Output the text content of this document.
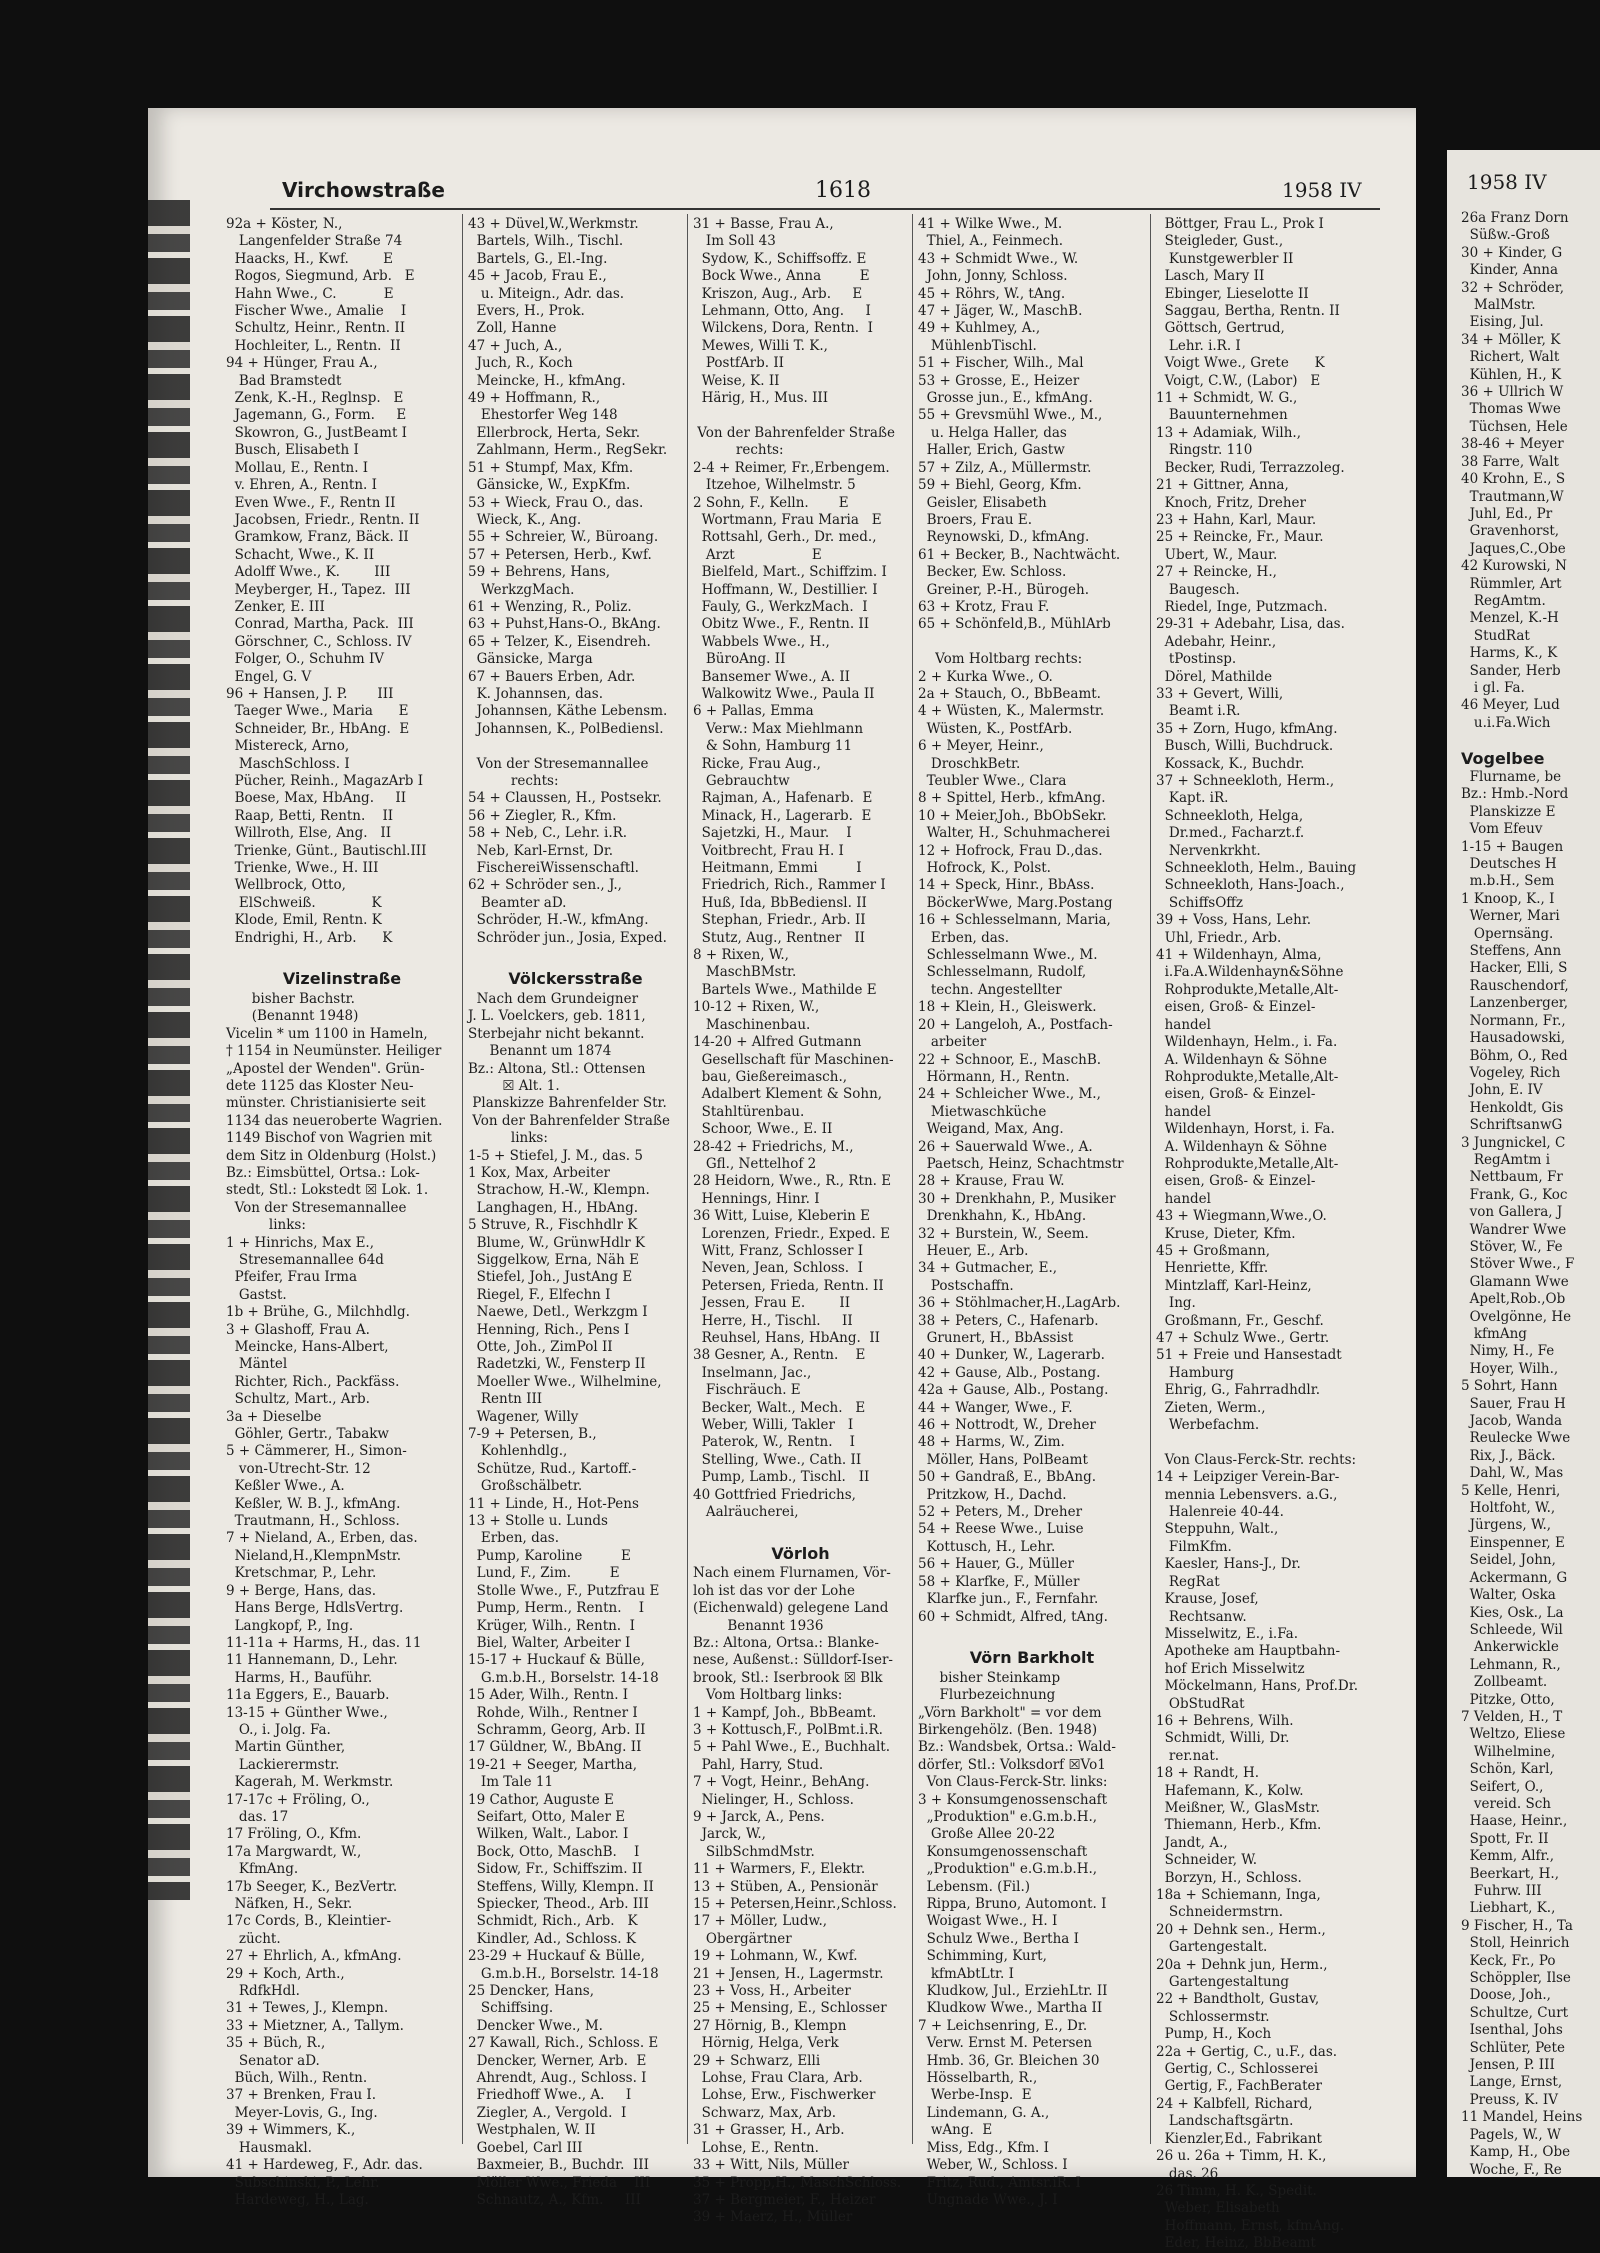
Virchowstraße	1618	1958 IV
92a + Köster, N.,
Langenfelder Straße 74
Haacks, H., Kwf.        E
Rogos, Siegmund, Arb.   E
Hahn Wwe., C.           E
Fischer Wwe., Amalie    I
Schultz, Heinr., Rentn. II
Hochleiter, L., Rentn.  II
94 + Hünger, Frau A.,
Bad Bramstedt
Zenk, K.-H., Reglnsp.   E
Jagemann, G., Form.     E
Skowron, G., JustBeamt I
Busch, Elisabeth I
Mollau, E., Rentn. I
v. Ehren, A., Rentn. I
Even Wwe., F., Rentn II
Jacobsen, Friedr., Rentn. II
Gramkow, Franz, Bäck. II
Schacht, Wwe., K. II
Adolff Wwe., K.        III
Meyberger, H., Tapez.  III
Zenker, E. III
Conrad, Martha, Pack.  III
Görschner, C., Schloss. IV
Folger, O., Schuhm IV
Engel, G. V
96 + Hansen, J. P.       III
Taeger Wwe., Maria      E
Schneider, Br., HbAng.  E
Mistereck, Arno,
MaschSchloss. I
Pücher, Reinh., MagazArb I
Boese, Max, HbAng.     II
Raap, Betti, Rentn.    II
Willroth, Else, Ang.   II
Trienke, Günt., Bautischl.III
Trienke, Wwe., H. III
Wellbrock, Otto,
ElSchweiß.             K
Klode, Emil, Rentn. K
Endrighi, H., Arb.      K

Vizelinstraße
bisher Bachstr.
(Benannt 1948)
Vicelin * um 1100 in Hameln,
† 1154 in Neumünster. Heiliger
„Apostel der Wenden". Grün-
dete 1125 das Kloster Neu-
münster. Christianisierte seit
1134 das neueroberte Wagrien.
1149 Bischof von Wagrien mit
dem Sitz in Oldenburg (Holst.)
Bz.: Eimsbüttel, Ortsa.: Lok-
stedt, Stl.: Lokstedt ☒ Lok. 1.
Von der Stresemannallee
links:
1 + Hinrichs, Max E.,
Stresemannallee 64d
Pfeifer, Frau Irma
Gastst.
1b + Brühe, G., Milchhdlg.
3 + Glashoff, Frau A.
Meincke, Hans-Albert,
Mäntel
Richter, Rich., Packfäss.
Schultz, Mart., Arb.
3a + Dieselbe
Göhler, Gertr., Tabakw
5 + Cämmerer, H., Simon-
von-Utrecht-Str. 12
Keßler Wwe., A.
Keßler, W. B. J., kfmAng.
Trautmann, H., Schloss.
7 + Nieland, A., Erben, das.
Nieland,H.,KlempnMstr.
Kretschmar, P., Lehr.
9 + Berge, Hans, das.
Hans Berge, HdlsVertrg.
Langkopf, P., Ing.
11-11a + Harms, H., das. 11
11 Hannemann, D., Lehr.
Harms, H., Bauführ.
11a Eggers, E., Bauarb.
13-15 + Günther Wwe.,
O., i. Jolg. Fa.
Martin Günther,
Lackierermstr.
Kagerah, M. Werkmstr.
17-17c + Fröling, O.,
das. 17
17 Fröling, O., Kfm.
17a Margwardt, W.,
KfmAng.
17b Seeger, K., BezVertr.
Näfken, H., Sekr.
17c Cords, B., Kleintier-
zücht.
27 + Ehrlich, A., kfmAng.
29 + Koch, Arth.,
RdfkHdl.
31 + Tewes, J., Klempn.
33 + Mietzner, A., Tallym.
35 + Büch, R.,
Senator aD.
Büch, Wilh., Rentn.
37 + Brenken, Frau I.
Meyer-Lovis, G., Ing.
39 + Wimmers, K.,
Hausmakl.
41 + Hardeweg, F., Adr. das.
Subschinski, P., Lehr.
Hardeweg, H., Lag.
43 + Düvel,W.,Werkmstr.
Bartels, Wilh., Tischl.
Bartels, G., El.-Ing.
45 + Jacob, Frau E.,
u. Miteign., Adr. das.
Evers, H., Prok.
Zoll, Hanne
47 + Juch, A.,
Juch, R., Koch
Meincke, H., kfmAng.
49 + Hoffmann, R.,
Ehestorfer Weg 148
Ellerbrock, Herta, Sekr.
Zahlmann, Herm., RegSekr.
51 + Stumpf, Max, Kfm.
Gänsicke, W., ExpKfm.
53 + Wieck, Frau O., das.
Wieck, K., Ang.
55 + Schreier, W., Büroang.
57 + Petersen, Herb., Kwf.
59 + Behrens, Hans,
WerkzgMach.
61 + Wenzing, R., Poliz.
63 + Puhst,Hans-O., BkAng.
65 + Telzer, K., Eisendreh.
Gänsicke, Marga
67 + Bauers Erben, Adr.
K. Johannsen, das.
Johannsen, Käthe Lebensm.
Johannsen, K., PolBediensl.

Von der Stresemannallee
rechts:
54 + Claussen, H., Postsekr.
56 + Ziegler, R., Kfm.
58 + Neb, C., Lehr. i.R.
Neb, Karl-Ernst, Dr.
FischereiWissenschaftl.
62 + Schröder sen., J.,
Beamter aD.
Schröder, H.-W., kfmAng.
Schröder jun., Josia, Exped.

Völckersstraße
Nach dem Grundeigner
J. L. Voelckers, geb. 1811,
Sterbejahr nicht bekannt.
Benannt um 1874
Bz.: Altona, Stl.: Ottensen
☒ Alt. 1.
Planskizze Bahrenfelder Str.
Von der Bahrenfelder Straße
links:
1-5 + Stiefel, J. M., das. 5
1 Kox, Max, Arbeiter
Strachow, H.-W., Klempn.
Langhagen, H., HbAng.
5 Struve, R., Fischhdlr K
Blume, W., GrünwHdlr K
Siggelkow, Erna, Näh E
Stiefel, Joh., JustAng E
Riegel, F., Elfechn I
Naewe, Detl., Werkzgm I
Henning, Rich., Pens I
Otte, Joh., ZimPol II
Radetzki, W., Fensterp II
Moeller Wwe., Wilhelmine,
Rentn III
Wagener, Willy
7-9 + Petersen, B.,
Kohlenhdlg.,
Schütze, Rud., Kartoff.-
Großschälbetr.
11 + Linde, H., Hot-Pens
13 + Stolle u. Lunds
Erben, das.
Pump, Karoline         E
Lund, F., Zim.         E
Stolle Wwe., F., Putzfrau E
Pump, Herm., Rentn.    I
Krüger, Wilh., Rentn.  I
Biel, Walter, Arbeiter I
15-17 + Huckauf & Bülle,
G.m.b.H., Borselstr. 14-18
15 Ader, Wilh., Rentn. I
Rohde, Wilh., Rentner I
Schramm, Georg, Arb. II
17 Güldner, W., BbAng. II
19-21 + Seeger, Martha,
Im Tale 11
19 Cathor, Auguste E
Seifart, Otto, Maler E
Wilken, Walt., Labor. I
Bock, Otto, MaschB.    I
Sidow, Fr., Schiffszim. II
Steffens, Willy, Klempn. II
Spiecker, Theod., Arb. III
Schmidt, Rich., Arb.   K
Kindler, Ad., Schloss. K
23-29 + Huckauf & Bülle,
G.m.b.H., Borselstr. 14-18
25 Dencker, Hans,
Schiffsing.
Dencker Wwe., M.
27 Kawall, Rich., Schloss. E
Dencker, Werner, Arb.  E
Ahrendt, Aug., Schloss. I
Friedhoff Wwe., A.     I
Ziegler, A., Vergold.  I
Westphalen, W. II
Goebel, Carl III
Baxmeier, B., Buchdr.  III
Möller Wwe., Frieda    III
Schnautz, A., Kfm.     III
31 + Basse, Frau A.,
Im Soll 43
Sydow, K., Schiffsoffz. E
Bock Wwe., Anna         E
Kriszon, Aug., Arb.     E
Lehmann, Otto, Ang.     I
Wilckens, Dora, Rentn.  I
Mewes, Willi T. K.,
PostfArb. II
Weise, K. II
Härig, H., Mus. III

Von der Bahrenfelder Straße
rechts:
2-4 + Reimer, Fr.,Erbengem.
Itzehoe, Wilhelmstr. 5
2 Sohn, F., Kelln.       E
Wortmann, Frau Maria   E
Rottsahl, Gerh., Dr. med.,
Arzt                  E
Bielfeld, Mart., Schiffzim. I
Hoffmann, W., Destillier. I
Fauly, G., WerkzMach.  I
Obitz Wwe., F., Rentn. II
Wabbels Wwe., H.,
BüroAng. II
Bansemer Wwe., A. II
Walkowitz Wwe., Paula II
6 + Pallas, Emma
Verw.: Max Miehlmann
& Sohn, Hamburg 11
Ricke, Frau Aug.,
Gebrauchtw
Rajman, A., Hafenarb.  E
Minack, H., Lagerarb.  E
Sajetzki, H., Maur.    I
Voitbrecht, Frau H. I
Heitmann, Emmi         I
Friedrich, Rich., Rammer I
Huß, Ida, BbBediensl. II
Stephan, Friedr., Arb. II
Stutz, Aug., Rentner   II
8 + Rixen, W.,
MaschBMstr.
Bartels Wwe., Mathilde E
10-12 + Rixen, W.,
Maschinenbau.
14-20 + Alfred Gutmann
Gesellschaft für Maschinen-
bau, Gießereimasch.,
Adalbert Klement & Sohn,
Stahltürenbau.
Schoor, Wwe., E. II
28-42 + Friedrichs, M.,
Gfl., Nettelhof 2
28 Heidorn, Wwe., R., Rtn. E
Hennings, Hinr. I
36 Witt, Luise, Kleberin E
Lorenzen, Friedr., Exped. E
Witt, Franz, Schlosser I
Neven, Jean, Schloss.  I
Petersen, Frieda, Rentn. II
Jessen, Frau E.        II
Herre, H., Tischl.     II
Reuhsel, Hans, HbAng.  II
38 Gesner, A., Rentn.    E
Inselmann, Jac.,
Fischräuch. E
Becker, Walt., Mech.   E
Weber, Willi, Takler   I
Paterok, W., Rentn.    I
Stelling, Wwe., Cath. II
Pump, Lamb., Tischl.   II
40 Gottfried Friedrichs,
Aalräucherei,

Vörloh
Nach einem Flurnamen, Vör-
loh ist das vor der Lohe
(Eichenwald) gelegene Land
Benannt 1936
Bz.: Altona, Ortsa.: Blanke-
nese, Außenst.: Sülldorf-Iser-
brook, Stl.: Iserbrook ☒ Blk
Vom Holtbarg links:
1 + Kampf, Joh., BbBeamt.
3 + Kottusch,F., PolBmt.i.R.
5 + Pahl Wwe., E., Buchhalt.
Pahl, Harry, Stud.
7 + Vogt, Heinr., BehAng.
Nielinger, H., Schloss.
9 + Jarck, A., Pens.
Jarck, W.,
SilbSchmdMstr.
11 + Warmers, F., Elektr.
13 + Stüben, A., Pensionär
15 + Petersen,Heinr.,Schloss.
17 + Möller, Ludw.,
Obergärtner
19 + Lohmann, W., Kwf.
21 + Jensen, H., Lagermstr.
23 + Voss, H., Arbeiter
25 + Mensing, E., Schlosser
27 Hörnig, B., Klempn
Hörnig, Helga, Verk
29 + Schwarz, Elli
Lohse, Frau Clara, Arb.
Lohse, Erw., Fischwerker
Schwarz, Max, Arb.
31 + Grasser, H., Arb.
Lohse, E., Rentn.
33 + Witt, Nils, Müller
35 + Propp,H., MaschSchloss.
37 + Bergmeier, F., Heizer
39 + Maerz, H., Müller
41 + Wilke Wwe., M.
Thiel, A., Feinmech.
43 + Schmidt Wwe., W.
John, Jonny, Schloss.
45 + Röhrs, W., tAng.
47 + Jäger, W., MaschB.
49 + Kuhlmey, A.,
MühlenbTischl.
51 + Fischer, Wilh., Mal
53 + Grosse, E., Heizer
Grosse jun., E., kfmAng.
55 + Grevsmühl Wwe., M.,
u. Helga Haller, das
Haller, Erich, Gastw
57 + Zilz, A., Müllermstr.
59 + Biehl, Georg, Kfm.
Geisler, Elisabeth
Broers, Frau E.
Reynowski, D., kfmAng.
61 + Becker, B., Nachtwächt.
Becker, Ew. Schloss.
Greiner, P.-H., Bürogeh.
63 + Krotz, Frau F.
65 + Schönfeld,B., MühlArb

Vom Holtbarg rechts:
2 + Kurka Wwe., O.
2a + Stauch, O., BbBeamt.
4 + Wüsten, K., Malermstr.
Wüsten, K., PostfArb.
6 + Meyer, Heinr.,
DroschkBetr.
Teubler Wwe., Clara
8 + Spittel, Herb., kfmAng.
10 + Meier,Joh., BbObSekr.
Walter, H., Schuhmacherei
12 + Hofrock, Frau D.,das.
Hofrock, K., Polst.
14 + Speck, Hinr., BbAss.
BöckerWwe, Marg.Postang
16 + Schlesselmann, Maria,
Erben, das.
Schlesselmann Wwe., M.
Schlesselmann, Rudolf,
techn. Angestellter
18 + Klein, H., Gleiswerk.
20 + Langeloh, A., Postfach-
arbeiter
22 + Schnoor, E., MaschB.
Hörmann, H., Rentn.
24 + Schleicher Wwe., M.,
Mietwaschküche
Weigand, Max, Ang.
26 + Sauerwald Wwe., A.
Paetsch, Heinz, Schachtmstr
28 + Krause, Frau W.
30 + Drenkhahn, P., Musiker
Drenkhahn, K., HbAng.
32 + Burstein, W., Seem.
Heuer, E., Arb.
34 + Gutmacher, E.,
Postschaffn.
36 + Stöhlmacher,H.,LagArb.
38 + Peters, C., Hafenarb.
Grunert, H., BbAssist
40 + Dunker, W., Lagerarb.
42 + Gause, Alb., Postang.
42a + Gause, Alb., Postang.
44 + Wanger, Wwe., F.
46 + Nottrodt, W., Dreher
48 + Harms, W., Zim.
Möller, Hans, PolBeamt
50 + Gandraß, E., BbAng.
Pritzkow, H., Dachd.
52 + Peters, M., Dreher
54 + Reese Wwe., Luise
Kottusch, H., Lehr.
56 + Hauer, G., Müller
58 + Klarfke, F., Müller
Klarfke jun., F., Fernfahr.
60 + Schmidt, Alfred, tAng.

Vörn Barkholt
bisher Steinkamp
Flurbezeichnung
„Vörn Barkholt" = vor dem
Birkengehölz. (Ben. 1948)
Bz.: Wandsbek, Ortsa.: Wald-
dörfer, Stl.: Volksdorf ☒Vo1
Von Claus-Ferck-Str. links:
3 + Konsumgenossenschaft
„Produktion" e.G.m.b.H.,
Große Allee 20-22
Konsumgenossenschaft
„Produktion" e.G.m.b.H.,
Lebensm. (Fil.)
Rippa, Bruno, Automont. I
Woigast Wwe., H. I
Schulz Wwe., Bertha I
Schimming, Kurt,
kfmAbtLtr. I
Kludkow, Jul., ErziehLtr. II
Kludkow Wwe., Martha II
7 + Leichsenring, E., Dr.
Verw. Ernst M. Petersen
Hmb. 36, Gr. Bleichen 30
Hösselbarth, R.,
Werbe-Insp.  E
Lindemann, G. A.,
wAng.  E
Miss, Edg., Kfm. I
Weber, W., Schloss. I
Fritz, Rud., Amtsr.iR. I
Ungnade Wwe., J. I
Böttger, Frau L., Prok I
Steigleder, Gust.,
Kunstgewerbler II
Lasch, Mary II
Ebinger, Lieselotte II
Saggau, Bertha, Rentn. II
Göttsch, Gertrud,
Lehr. i.R. I
Voigt Wwe., Grete      K
Voigt, C.W., (Labor)   E
11 + Schmidt, W. G.,
Bauunternehmen
13 + Adamiak, Wilh.,
Ringstr. 110
Becker, Rudi, Terrazzoleg.
21 + Gittner, Anna,
Knoch, Fritz, Dreher
23 + Hahn, Karl, Maur.
25 + Reincke, Fr., Maur.
Ubert, W., Maur.
27 + Reincke, H.,
Baugesch.
Riedel, Inge, Putzmach.
29-31 + Adebahr, Lisa, das.
Adebahr, Heinr.,
tPostinsp.
Dörel, Mathilde
33 + Gevert, Willi,
Beamt i.R.
35 + Zorn, Hugo, kfmAng.
Busch, Willi, Buchdruck.
Kossack, K., Buchdr.
37 + Schneekloth, Herm.,
Kapt. iR.
Schneekloth, Helga,
Dr.med., Facharzt.f.
Nervenkrkht.
Schneekloth, Helm., Bauing
Schneekloth, Hans-Joach.,
SchiffsOffz
39 + Voss, Hans, Lehr.
Uhl, Friedr., Arb.
41 + Wildenhayn, Alma,
i.Fa.A.Wildenhayn&Söhne
Rohprodukte,Metalle,Alt-
eisen, Groß- & Einzel-
handel
Wildenhayn, Helm., i. Fa.
A. Wildenhayn & Söhne
Rohprodukte,Metalle,Alt-
eisen, Groß- & Einzel-
handel
Wildenhayn, Horst, i. Fa.
A. Wildenhayn & Söhne
Rohprodukte,Metalle,Alt-
eisen, Groß- & Einzel-
handel
43 + Wiegmann,Wwe.,O.
Kruse, Dieter, Kfm.
45 + Großmann,
Henriette, Kffr.
Mintzlaff, Karl-Heinz,
Ing.
Großmann, Fr., Geschf.
47 + Schulz Wwe., Gertr.
51 + Freie und Hansestadt
Hamburg
Ehrig, G., Fahrradhdlr.
Zieten, Werm.,
Werbefachm.

Von Claus-Ferck-Str. rechts:
14 + Leipziger Verein-Bar-
mennia Lebensvers. a.G.,
Halenreie 40-44.
Steppuhn, Walt.,
FilmKfm.
Kaesler, Hans-J., Dr.
RegRat
Krause, Josef,
Rechtsanw.
Misselwitz, E., i.Fa.
Apotheke am Hauptbahn-
hof Erich Misselwitz
Möckelmann, Hans, Prof.Dr.
ObStudRat
16 + Behrens, Wilh.
Schmidt, Willi, Dr.
rer.nat.
18 + Randt, H.
Hafemann, K., Kolw.
Meißner, W., GlasMstr.
Thiemann, Herb., Kfm.
Jandt, A.,
Schneider, W.
Borzyn, H., Schloss.
18a + Schiemann, Inga,
Schneidermstrn.
20 + Dehnk sen., Herm.,
Gartengestalt.
20a + Dehnk jun, Herm.,
Gartengestaltung
22 + Bandtholt, Gustav,
Schlossermstr.
Pump, H., Koch
22a + Gertig, C., u.F., das.
Gertig, C., Schlosserei
Gertig, F., FachBerater
24 + Kalbfell, Richard,
Landschaftsgärtn.
Kienzler,Ed., Fabrikant
26 u. 26a + Timm, H. K.,
das. 26
26 Timm, H. K., Spedit.
Weber, Elisabeth
Hoffmann, Ernst, kfmAng.
Eder, Heinz, BbBeamt
1958 IV
26a Franz Dorn
Süßw.-Groß
30 + Kinder, G
Kinder, Anna
32 + Schröder,
MalMstr.
Eising, Jul.
34 + Möller, K
Richert, Walt
Kühlen, H., K
36 + Ullrich W
Thomas Wwe
Tüchsen, Hele
38-46 + Meyer
38 Farre, Walt
40 Krohn, E., S
Trautmann,W
Juhl, Ed., Pr
Gravenhorst,
Jaques,C.,Obe
42 Kurowski, N
Rümmler, Art
RegAmtm.
Menzel, K.-H
StudRat
Harms, K., K
Sander, Herb
i gl. Fa.
46 Meyer, Lud
u.i.Fa.Wich

Vogelbee
Flurname, be
Bz.: Hmb.-Nord
Planskizze E
Vom Efeuv
1-15 + Baugen
Deutsches H
m.b.H., Sem
1 Knoop, K., I
Werner, Mari
Opernsäng.
Steffens, Ann
Hacker, Elli, S
Rauschendorf,
Lanzenberger,
Normann, Fr.,
Hausadowski,
Böhm, O., Red
Vogeley, Rich
John, E. IV
Henkoldt, Gis
SchriftsanwG
3 Jungnickel, C
RegAmtm i
Nettbaum, Fr
Frank, G., Koc
von Gallera, J
Wandrer Wwe
Stöver, W., Fe
Stöver Wwe., F
Glamann Wwe
Apelt,Rob.,Ob
Ovelgönne, He
kfmAng
Nimy, H., Fe
Hoyer, Wilh.,
5 Sohrt, Hann
Sauer, Frau H
Jacob, Wanda
Reulecke Wwe
Rix, J., Bäck.
Dahl, W., Mas
5 Kelle, Henri,
Holtfoht, W.,
Jürgens, W.,
Einspenner, E
Seidel, John,
Ackermann, G
Walter, Oska
Kies, Osk., La
Schleede, Wil
Ankerwickle
Lehmann, R.,
Zollbeamt.
Pitzke, Otto,
7 Velden, H., T
Weltzo, Eliese
Wilhelmine,
Schön, Karl,
Seifert, O.,
vereid. Sch
Haase, Heinr.,
Spott, Fr. II
Kemm, Alfr.,
Beerkart, H.,
Fuhrw. III
Liebhart, K.,
9 Fischer, H., Ta
Stoll, Heinrich
Keck, Fr., Po
Schöppler, Ilse
Doose, Joh.,
Schultze, Curt
Isenthal, Johs
Schlüter, Pete
Jensen, P. III
Lange, Ernst,
Preuss, K. IV
11 Mandel, Heins
Pagels, W., W
Kamp, H., Obe
Woche, F., Re
